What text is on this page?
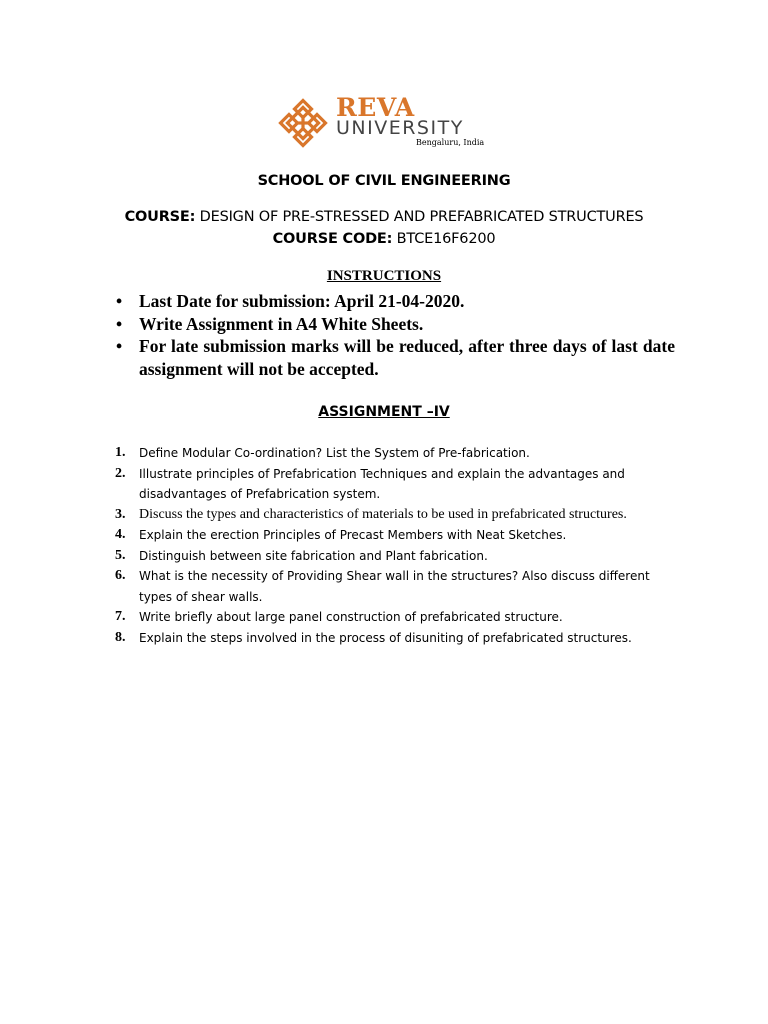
REVA
UNIVERSITY
Bengaluru, India
SCHOOL OF CIVIL ENGINEERING
COURSE: DESIGN OF PRE-STRESSED AND PREFABRICATED STRUCTURES
COURSE CODE: BTCE16F6200
INSTRUCTIONS
• Last Date for submission: April 21-04-2020.
• Write Assignment in A4 White Sheets.
• For late submission marks will be reduced, after three days of last date assignment will not be accepted.
ASSIGNMENT –IV
1. Define Modular Co-ordination? List the System of Pre-fabrication.
2. Illustrate principles of Prefabrication Techniques and explain the advantages and disadvantages of Prefabrication system.
3. Discuss the types and characteristics of materials to be used in prefabricated structures.
4. Explain the erection Principles of Precast Members with Neat Sketches.
5. Distinguish between site fabrication and Plant fabrication.
6. What is the necessity of Providing Shear wall in the structures? Also discuss different types of shear walls.
7. Write briefly about large panel construction of prefabricated structure.
8. Explain the steps involved in the process of disuniting of prefabricated structures.
